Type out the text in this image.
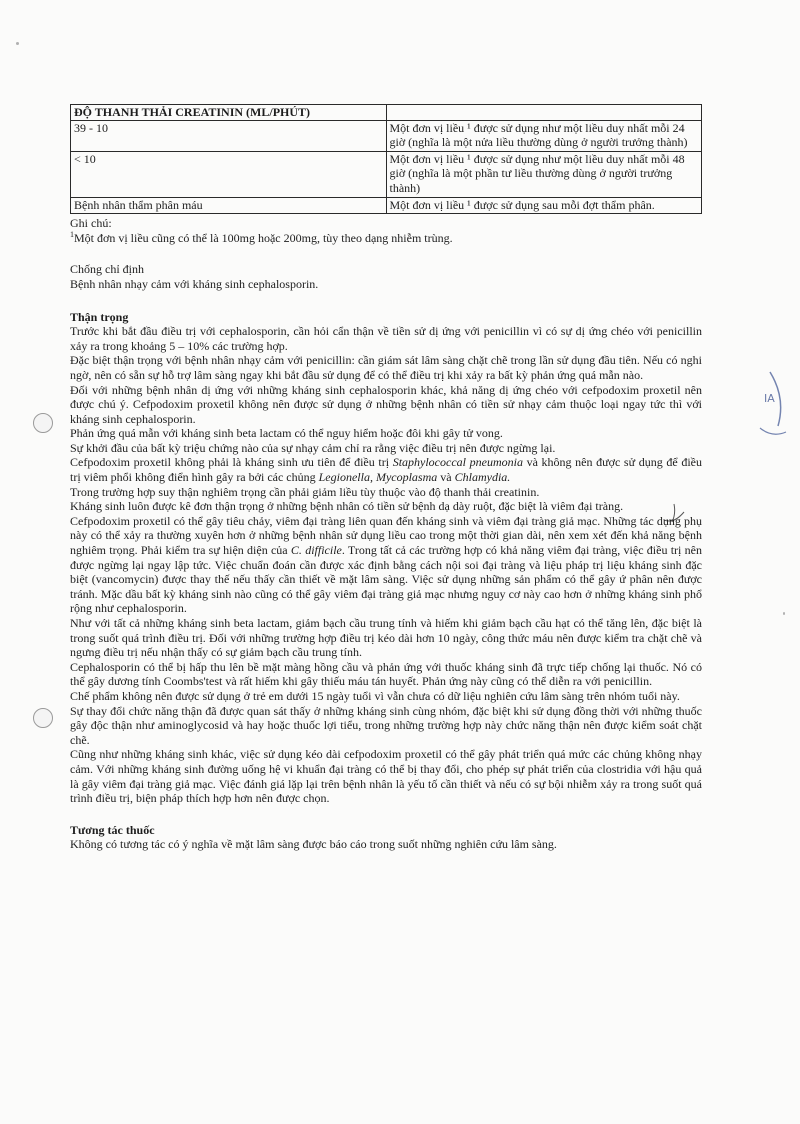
IA
ĐỘ THANH THẢI CREATININ (ML/PHÚT)	
39 - 10	Một đơn vị liều ¹ được sử dụng như một liều duy nhất mỗi 24 giờ (nghĩa là một nửa liều thường dùng ở người trưởng thành)
< 10	Một đơn vị liều ¹ được sử dụng như một liều duy nhất mỗi 48 giờ (nghĩa là một phần tư liều thường dùng ở người trưởng thành)
Bệnh nhân thẩm phân máu	Một đơn vị liều ¹ được sử dụng sau mỗi đợt thẩm phân.
Ghi chú:

$^1$Một đơn vị liều cũng có thể là 100mg hoặc 200mg, tùy theo dạng nhiễm trùng.

Chống chỉ định

Bệnh nhân nhạy cảm với kháng sinh cephalosporin.

Thận trọng

Trước khi bắt đầu điều trị với cephalosporin, cần hỏi cẩn thận về tiền sử dị ứng với penicillin vì có sự dị ứng chéo với penicillin xảy ra trong khoảng 5 – 10% các trường hợp.

Đặc biệt thận trọng với bệnh nhân nhạy cảm với penicillin: cần giám sát lâm sàng chặt chẽ trong lần sử dụng đầu tiên. Nếu có nghi ngờ, nên có sẵn sự hỗ trợ lâm sàng ngay khi bắt đầu sử dụng để có thể điều trị khi xảy ra bất kỳ phản ứng quá mẫn nào.

Đối với những bệnh nhân dị ứng với những kháng sinh cephalosporin khác, khả năng dị ứng chéo với cefpodoxim proxetil nên được chú ý. Cefpodoxim proxetil không nên được sử dụng ở những bệnh nhân có tiền sử nhạy cảm thuộc loại ngay tức thì với kháng sinh cephalosporin.

Phản ứng quá mẫn với kháng sinh beta lactam có thể nguy hiểm hoặc đôi khi gây tử vong.

Sự khởi đầu của bất kỳ triệu chứng nào của sự nhạy cảm chỉ ra rằng việc điều trị nên được ngừng lại.

Cefpodoxim proxetil không phải là kháng sinh ưu tiên để điều trị Staphylococcal pneumonia và không nên được sử dụng để điều trị viêm phổi không điển hình gây ra bởi các chủng Legionella, Mycoplasma và Chlamydia.

Trong trường hợp suy thận nghiêm trọng cần phải giảm liều tùy thuộc vào độ thanh thải creatinin.

Kháng sinh luôn được kê đơn thận trọng ở những bệnh nhân có tiền sử bệnh dạ dày ruột, đặc biệt là viêm đại tràng.

Cefpodoxim proxetil có thể gây tiêu chảy, viêm đại tràng liên quan đến kháng sinh và viêm đại tràng giả mạc. Những tác dụng phụ này có thể xảy ra thường xuyên hơn ở những bệnh nhân sử dụng liều cao trong một thời gian dài, nên xem xét đến khả năng bệnh nghiêm trọng. Phải kiểm tra sự hiện diện của C. difficile. Trong tất cả các trường hợp có khả năng viêm đại tràng, việc điều trị nên được ngừng lại ngay lập tức. Việc chuẩn đoán cần được xác định bằng cách nội soi đại tràng và liệu pháp trị liệu kháng sinh đặc biệt (vancomycin) được thay thế nếu thấy cần thiết về mặt lâm sàng. Việc sử dụng những sản phẩm có thể gây ứ phân nên được tránh. Mặc dầu bất kỳ kháng sinh nào cũng có thể gây viêm đại tràng giả mạc nhưng nguy cơ này cao hơn ở những kháng sinh phổ rộng như cephalosporin.

Như với tất cả những kháng sinh beta lactam, giảm bạch cầu trung tính và hiếm khi giảm bạch cầu hạt có thể tăng lên, đặc biệt là trong suốt quá trình điều trị. Đối với những trường hợp điều trị kéo dài hơn 10 ngày, công thức máu nên được kiểm tra chặt chẽ và ngưng điều trị nếu nhận thấy có sự giảm bạch cầu trung tính.

Cephalosporin có thể bị hấp thu lên bề mặt màng hồng cầu và phản ứng với thuốc kháng sinh đã trực tiếp chống lại thuốc. Nó có thể gây dương tính Coombs'test và rất hiếm khi gây thiếu máu tán huyết. Phản ứng này cũng có thể diễn ra với penicillin.

Chế phẩm không nên được sử dụng ở trẻ em dưới 15 ngày tuổi vì vẫn chưa có dữ liệu nghiên cứu lâm sàng trên nhóm tuổi này.

Sự thay đổi chức năng thận đã được quan sát thấy ở những kháng sinh cùng nhóm, đặc biệt khi sử dụng đồng thời với những thuốc gây độc thận như aminoglycosid và hay hoặc thuốc lợi tiểu, trong những trường hợp này chức năng thận nên được kiểm soát chặt chẽ.

Cũng như những kháng sinh khác, việc sử dụng kéo dài cefpodoxim proxetil có thể gây phát triển quá mức các chủng không nhạy cảm. Với những kháng sinh đường uống hệ vi khuẩn đại tràng có thể bị thay đổi, cho phép sự phát triển của clostridia với hậu quả là gây viêm đại tràng giả mạc. Việc đánh giá lặp lại trên bệnh nhân là yếu tố cần thiết và nếu có sự bội nhiễm xảy ra trong suốt quá trình điều trị, biện pháp thích hợp hơn nên được chọn.

Tương tác thuốc

Không có tương tác có ý nghĩa về mặt lâm sàng được báo cáo trong suốt những nghiên cứu lâm sàng.
